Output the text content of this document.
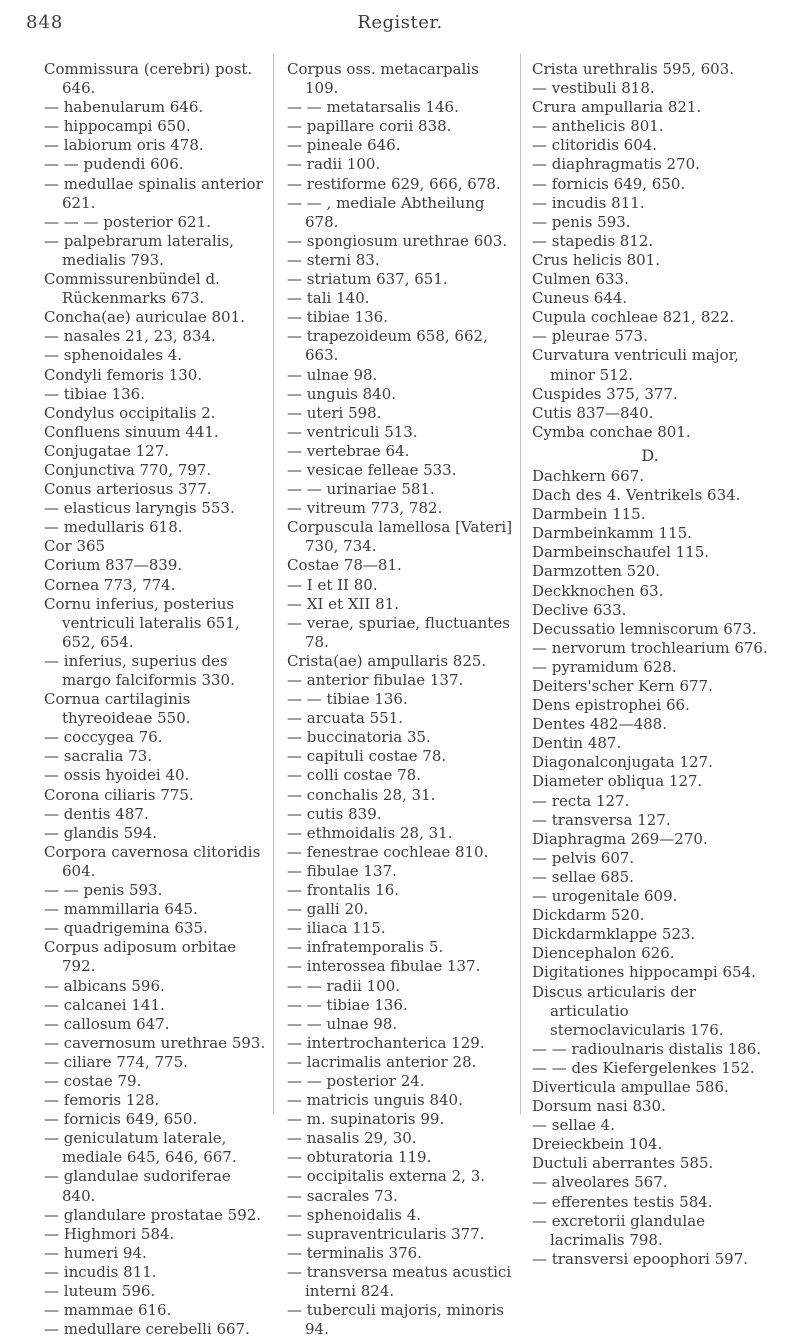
848	Register.
Commissura (cerebri) post. 646.
— habenularum 646.
— hippocampi 650.
— labiorum oris 478.
— — pudendi 606.
— medullae spinalis anterior 621.
— — — posterior 621.
— palpebrarum lateralis, medialis 793.
Commissurenbündel d. Rückenmarks 673.
Concha(ae) auriculae 801.
— nasales 21, 23, 834.
— sphenoidales 4.
Condyli femoris 130.
— tibiae 136.
Condylus occipitalis 2.
Confluens sinuum 441.
Conjugatae 127.
Conjunctiva 770, 797.
Conus arteriosus 377.
— elasticus laryngis 553.
— medullaris 618.
Cor 365
Corium 837—839.
Cornea 773, 774.
Cornu inferius, posterius ventriculi lateralis 651, 652, 654.
— inferius, superius des margo falciformis 330.
Cornua cartilaginis thyreoideae 550.
— coccygea 76.
— sacralia 73.
— ossis hyoidei 40.
Corona ciliaris 775.
— dentis 487.
— glandis 594.
Corpora cavernosa clitoridis 604.
— — penis 593.
— mammillaria 645.
— quadrigemina 635.
Corpus adiposum orbitae 792.
— albicans 596.
— calcanei 141.
— callosum 647.
— cavernosum urethrae 593.
— ciliare 774, 775.
— costae 79.
— femoris 128.
— fornicis 649, 650.
— geniculatum laterale, mediale 645, 646, 667.
— glandulae sudoriferae 840.
— glandulare prostatae 592.
— Highmori 584.
— humeri 94.
— incudis 811.
— luteum 596.
— mammae 616.
— medullare cerebelli 667.
Corpus oss. metacarpalis 109.
— — metatarsalis 146.
— papillare corii 838.
— pineale 646.
— radii 100.
— restiforme 629, 666, 678.
— — , mediale Abtheilung 678.
— spongiosum urethrae 603.
— sterni 83.
— striatum 637, 651.
— tali 140.
— tibiae 136.
— trapezoideum 658, 662, 663.
— ulnae 98.
— unguis 840.
— uteri 598.
— ventriculi 513.
— vertebrae 64.
— vesicae felleae 533.
— — urinariae 581.
— vitreum 773, 782.
Corpuscula lamellosa [Vateri] 730, 734.
Costae 78—81.
— I et II 80.
— XI et XII 81.
— verae, spuriae, fluctuantes 78.
Crista(ae) ampullaris 825.
— anterior fibulae 137.
— — tibiae 136.
— arcuata 551.
— buccinatoria 35.
— capituli costae 78.
— colli costae 78.
— conchalis 28, 31.
— cutis 839.
— ethmoidalis 28, 31.
— fenestrae cochleae 810.
— fibulae 137.
— frontalis 16.
— galli 20.
— iliaca 115.
— infratemporalis 5.
— interossea fibulae 137.
— — radii 100.
— — tibiae 136.
— — ulnae 98.
— intertrochanterica 129.
— lacrimalis anterior 28.
— — posterior 24.
— matricis unguis 840.
— m. supinatoris 99.
— nasalis 29, 30.
— obturatoria 119.
— occipitalis externa 2, 3.
— sacrales 73.
— sphenoidalis 4.
— supraventricularis 377.
— terminalis 376.
— transversa meatus acustici interni 824.
— tuberculi majoris, minoris 94.
Crista urethralis 595, 603.
— vestibuli 818.
Crura ampullaria 821.
— anthelicis 801.
— clitoridis 604.
— diaphragmatis 270.
— fornicis 649, 650.
— incudis 811.
— penis 593.
— stapedis 812.
Crus helicis 801.
Culmen 633.
Cuneus 644.
Cupula cochleae 821, 822.
— pleurae 573.
Curvatura ventriculi major, minor 512.
Cuspides 375, 377.
Cutis 837—840.
Cymba conchae 801.
D.
Dachkern 667.
Dach des 4. Ventrikels 634.
Darmbein 115.
Darmbeinkamm 115.
Darmbeinschaufel 115.
Darmzotten 520.
Deckknochen 63.
Declive 633.
Decussatio lemniscorum 673.
— nervorum trochlearium 676.
— pyramidum 628.
Deiters'scher Kern 677.
Dens epistrophei 66.
Dentes 482—488.
Dentin 487.
Diagonalconjugata 127.
Diameter obliqua 127.
— recta 127.
— transversa 127.
Diaphragma 269—270.
— pelvis 607.
— sellae 685.
— urogenitale 609.
Dickdarm 520.
Dickdarmklappe 523.
Diencephalon 626.
Digitationes hippocampi 654.
Discus articularis der articulatio sternoclavicularis 176.
— — radioulnaris distalis 186.
— — des Kiefergelenkes 152.
Diverticula ampullae 586.
Dorsum nasi 830.
— sellae 4.
Dreieckbein 104.
Ductuli aberrantes 585.
— alveolares 567.
— efferentes testis 584.
— excretorii glandulae lacrimalis 798.
— transversi epoophori 597.
